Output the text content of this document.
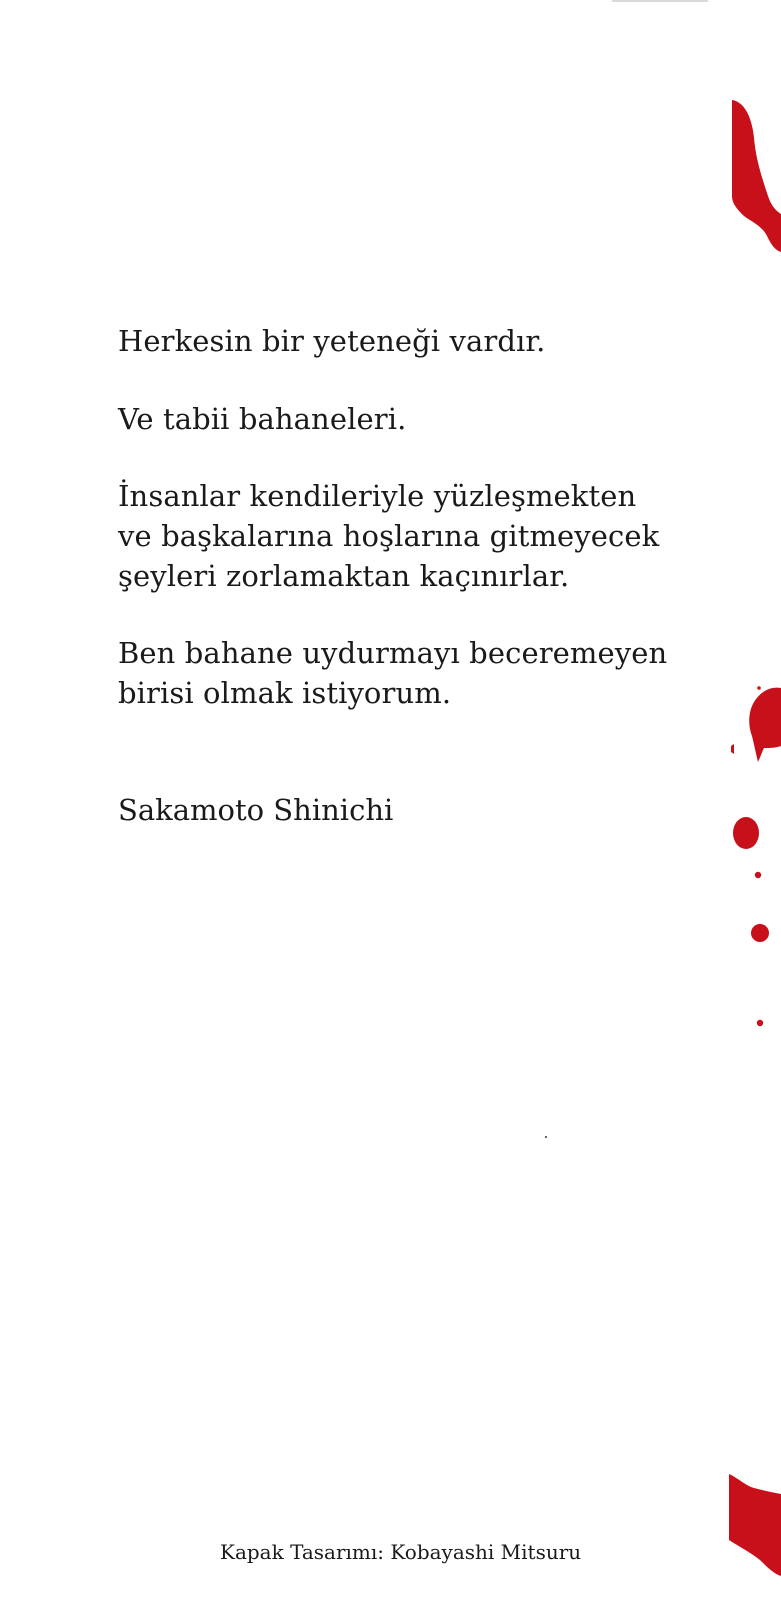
Herkesin bir yeteneği vardır.

Ve tabii bahaneleri.

İnsanlar kendileriyle yüzleşmekten
ve başkalarına hoşlarına gitmeyecek
şeyleri zorlamaktan kaçınırlar.

Ben bahane uydurmayı beceremeyen
birisi olmak istiyorum.

Sakamoto Shinichi

Kapak Tasarımı: Kobayashi Mitsuru
